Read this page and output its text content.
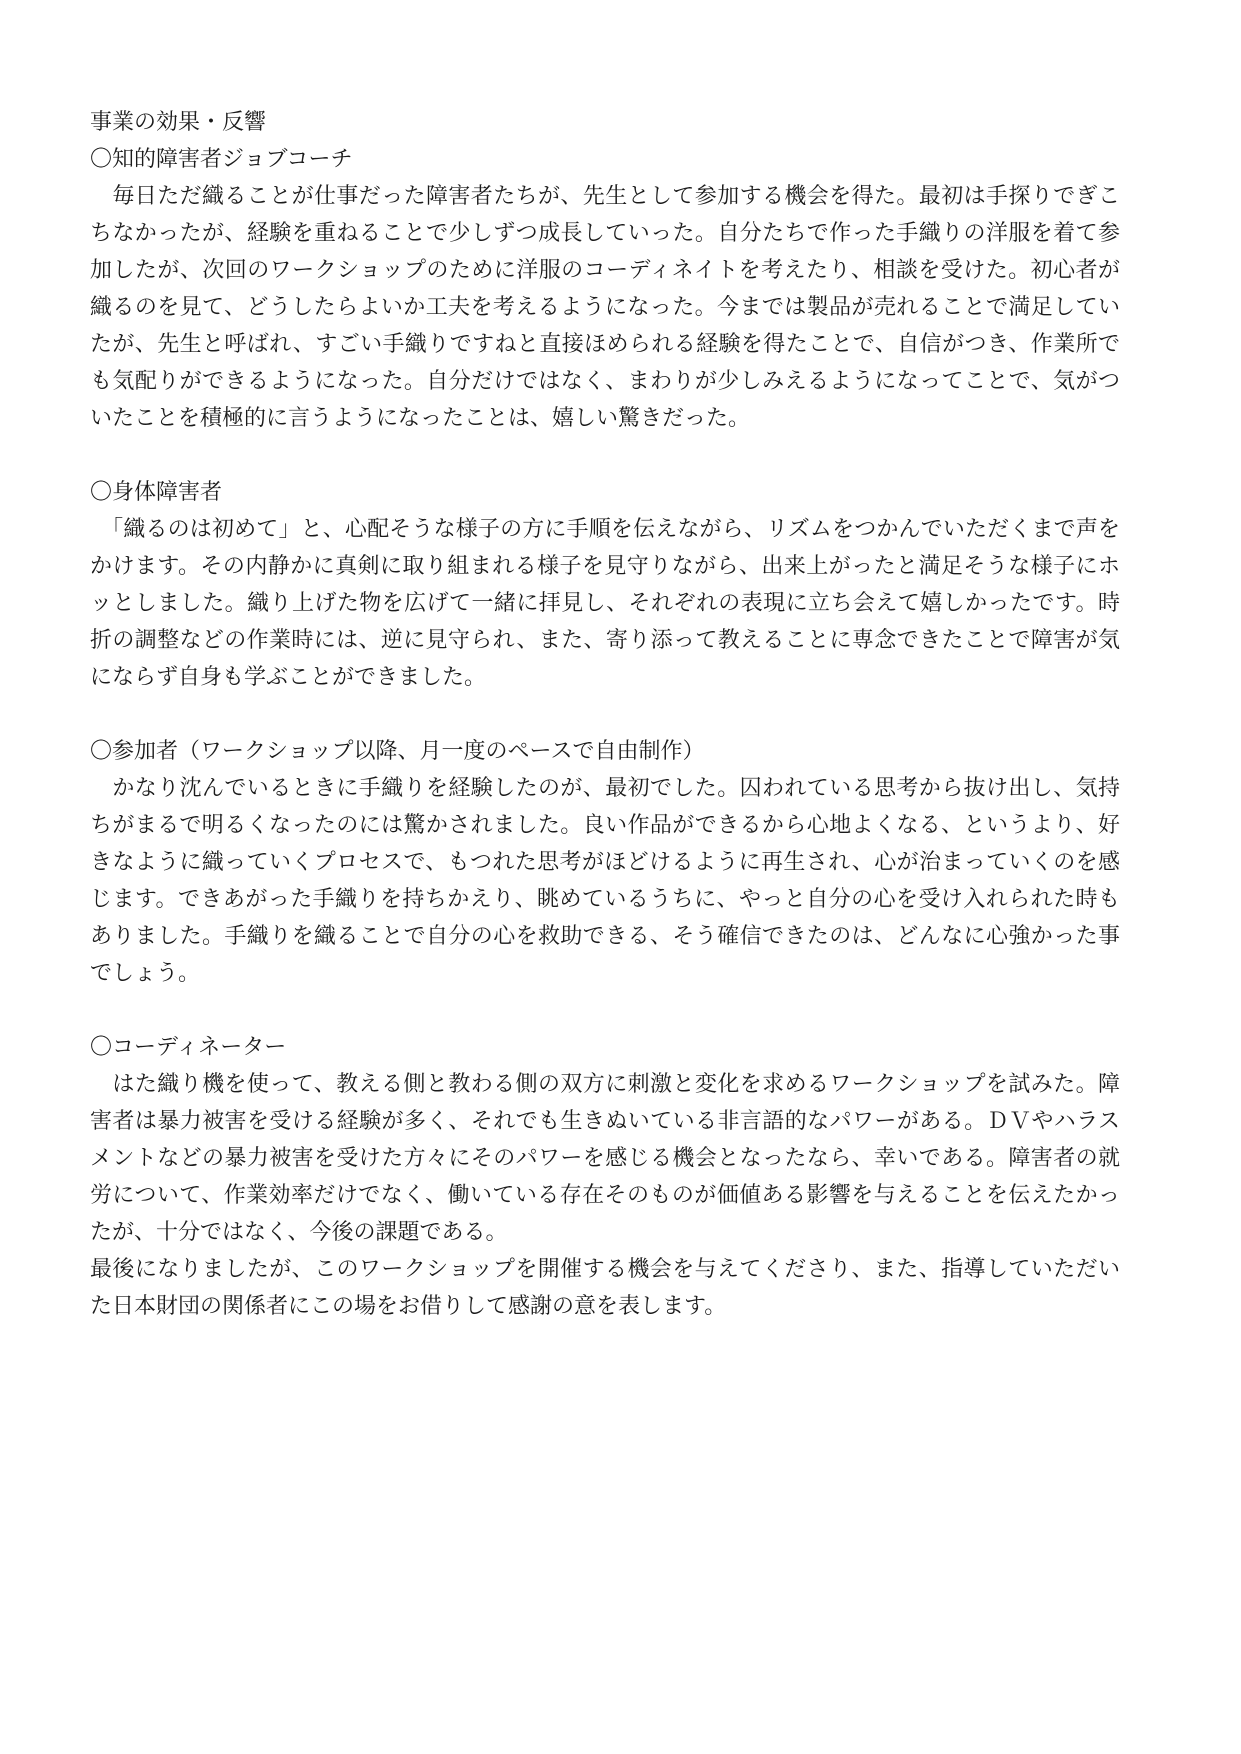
事業の効果・反響
〇知的障害者ジョブコーチ
　毎日ただ織ることが仕事だった障害者たちが、先生として参加する機会を得た。最初は手探りでぎこちなかったが、経験を重ねることで少しずつ成長していった。自分たちで作った手織りの洋服を着て参加したが、次回のワークショップのために洋服のコーディネイトを考えたり、相談を受けた。初心者が織るのを見て、どうしたらよいか工夫を考えるようになった。今までは製品が売れることで満足していたが、先生と呼ばれ、すごい手織りですねと直接ほめられる経験を得たことで、自信がつき、作業所でも気配りができるようになった。自分だけではなく、まわりが少しみえるようになってことで、気がついたことを積極的に言うようになったことは、嬉しい驚きだった。
〇身体障害者
　「織るのは初めて」と、心配そうな様子の方に手順を伝えながら、リズムをつかんでいただくまで声をかけます。その内静かに真剣に取り組まれる様子を見守りながら、出来上がったと満足そうな様子にホッとしました。織り上げた物を広げて一緒に拝見し、それぞれの表現に立ち会えて嬉しかったです。時折の調整などの作業時には、逆に見守られ、また、寄り添って教えることに専念できたことで障害が気にならず自身も学ぶことができました。
〇参加者（ワークショップ以降、月一度のペースで自由制作）
　かなり沈んでいるときに手織りを経験したのが、最初でした。囚われている思考から抜け出し、気持ちがまるで明るくなったのには驚かされました。良い作品ができるから心地よくなる、というより、好きなように織っていくプロセスで、もつれた思考がほどけるように再生され、心が治まっていくのを感じます。できあがった手織りを持ちかえり、眺めているうちに、やっと自分の心を受け入れられた時もありました。手織りを織ることで自分の心を救助できる、そう確信できたのは、どんなに心強かった事でしょう。
〇コーディネーター
　はた織り機を使って、教える側と教わる側の双方に刺激と変化を求めるワークショップを試みた。障害者は暴力被害を受ける経験が多く、それでも生きぬいている非言語的なパワーがある。ＤＶやハラスメントなどの暴力被害を受けた方々にそのパワーを感じる機会となったなら、幸いである。障害者の就労について、作業効率だけでなく、働いている存在そのものが価値ある影響を与えることを伝えたかったが、十分ではなく、今後の課題である。
最後になりましたが、このワークショップを開催する機会を与えてくださり、また、指導していただいた日本財団の関係者にこの場をお借りして感謝の意を表します。
